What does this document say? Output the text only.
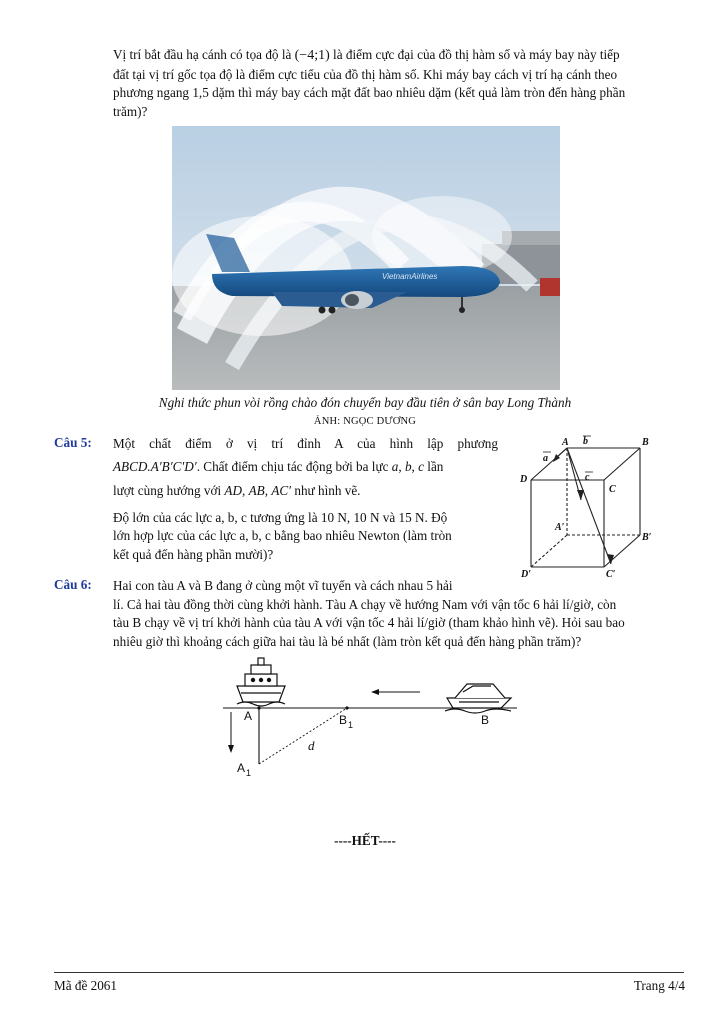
Vị trí bắt đầu hạ cánh có tọa độ là (−4;1) là điểm cực đại của đồ thị hàm số và máy bay này tiếp
đất tại vị trí gốc tọa độ là điểm cực tiểu của đồ thị hàm số. Khi máy bay cách vị trí hạ cánh theo
phương ngang 1,5 dặm thì máy bay cách mặt đất bao nhiêu dặm (kết quả làm tròn đến hàng phần
trăm)?
VietnamAirlines
Nghi thức phun vòi rồng chào đón chuyến bay đầu tiên ở sân bay Long Thành
ẢNH: NGỌC DƯƠNG
Câu 5: Một chất điểm ở vị trí đỉnh A của hình lập phương
ABCD.A′B′C′D′. Chất điểm chịu tác động bởi ba lực a, b, c lần
lượt cùng hướng với AD, AB, AC′ như hình vẽ.
Độ lớn của các lực a, b, c tương ứng là 10 N, 10 N và 15 N. Độ
lớn hợp lực của các lực a, b, c bằng bao nhiêu Newton (làm tròn
kết quả đến hàng phần mười)?
A	B
D
C
A′
B′
D′	C′
a
b
c
Câu 6: Hai con tàu A và B đang ở cùng một vĩ tuyến và cách nhau 5 hải
lí. Cả hai tàu đồng thời cùng khởi hành. Tàu A chạy về hướng Nam với vận tốc 6 hải lí/giờ, còn
tàu B chạy về vị trí khởi hành của tàu A với vận tốc 4 hải lí/giờ (tham khảo hình vẽ). Hỏi sau bao
nhiêu giờ thì khoảng cách giữa hai tàu là bé nhất (làm tròn kết quả đến hàng phần trăm)?
A	B 1	B
A 1
d
----HẾT----
Mã đề 2061	Trang 4/4
